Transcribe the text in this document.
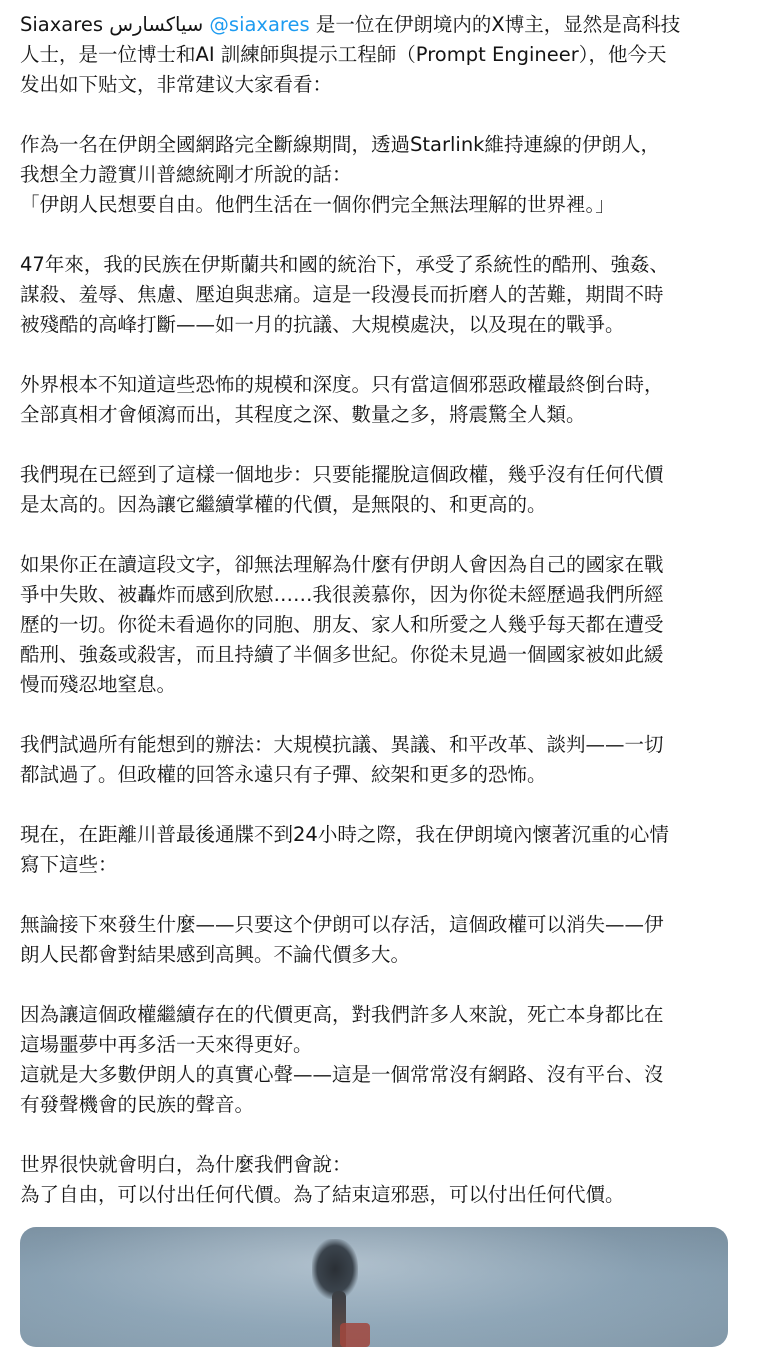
Siaxares سیاکسارس @siaxares 是一位在伊朗境内的X博主，显然是高科技
人士，是一位博士和AI 訓練師與提示工程師（Prompt Engineer），他今天
发出如下贴文，非常建议大家看看：
作為一名在伊朗全國網路完全斷線期間，透過Starlink維持連線的伊朗人，
我想全力證實川普總統剛才所說的話：
「伊朗人民想要自由。他們生活在一個你們完全無法理解的世界裡。」
47年來，我的民族在伊斯蘭共和國的統治下，承受了系統性的酷刑、強姦、
謀殺、羞辱、焦慮、壓迫與悲痛。這是一段漫長而折磨人的苦難，期間不時
被殘酷的高峰打斷——如一月的抗議、大規模處決，以及現在的戰爭。
外界根本不知道這些恐怖的規模和深度。只有當這個邪惡政權最終倒台時，
全部真相才會傾瀉而出，其程度之深、數量之多，將震驚全人類。
我們現在已經到了這樣一個地步：只要能擺脫這個政權，幾乎沒有任何代價
是太高的。因為讓它繼續掌權的代價，是無限的、和更高的。
如果你正在讀這段文字，卻無法理解為什麼有伊朗人會因為自己的國家在戰
爭中失敗、被轟炸而感到欣慰……我很羨慕你，因为你從未經歷過我們所經
歷的一切。你從未看過你的同胞、朋友、家人和所愛之人幾乎每天都在遭受
酷刑、強姦或殺害，而且持續了半個多世紀。你從未見過一個國家被如此緩
慢而殘忍地窒息。
我們試過所有能想到的辦法：大規模抗議、異議、和平改革、談判——一切
都試過了。但政權的回答永遠只有子彈、絞架和更多的恐怖。
現在，在距離川普最後通牒不到24小時之際，我在伊朗境內懷著沉重的心情
寫下這些：
無論接下來發生什麼——只要这个伊朗可以存活，這個政權可以消失——伊
朗人民都會對結果感到高興。不論代價多大。
因為讓這個政權繼續存在的代價更高，對我們許多人來說，死亡本身都比在
這場噩夢中再多活一天來得更好。
這就是大多數伊朗人的真實心聲——這是一個常常沒有網路、沒有平台、沒
有發聲機會的民族的聲音。
世界很快就會明白，為什麼我們會說：
為了自由，可以付出任何代價。為了結束這邪惡，可以付出任何代價。
